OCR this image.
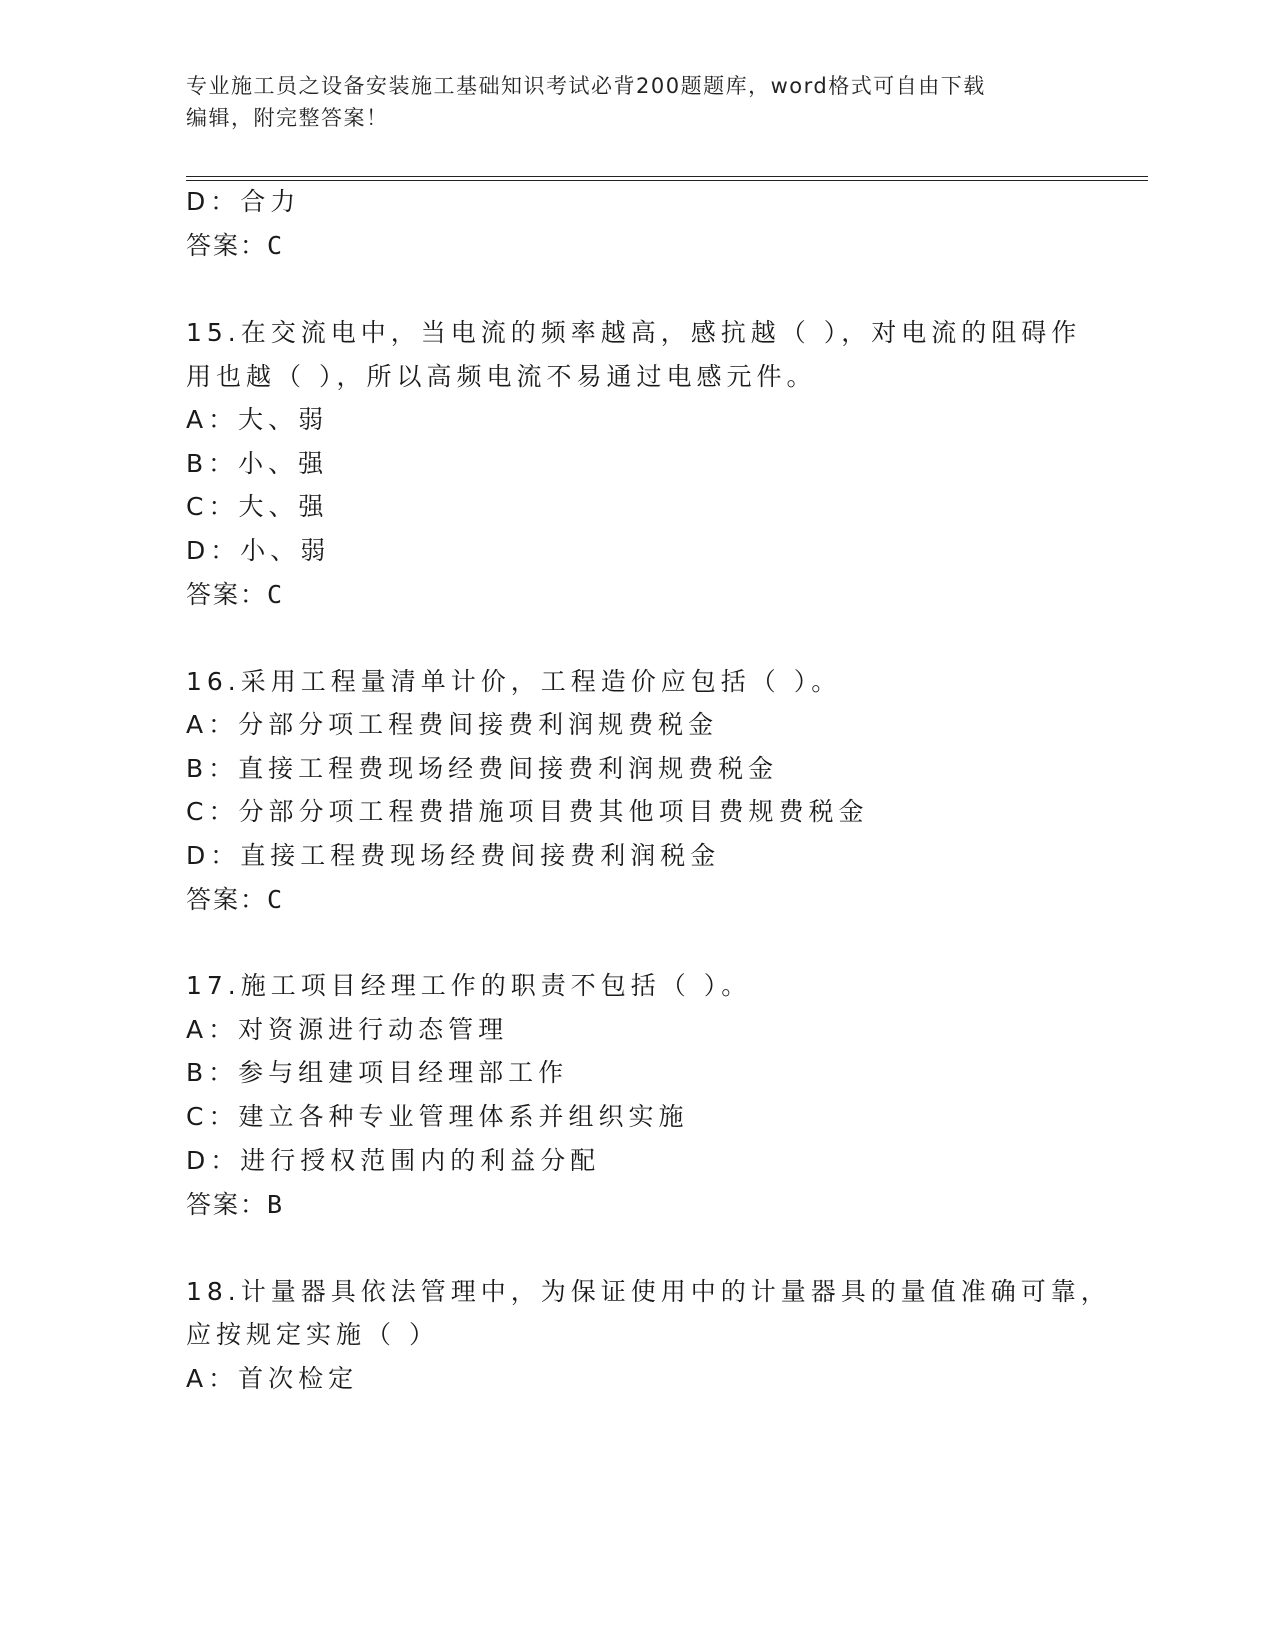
专业施工员之设备安装施工基础知识考试必背200题题库，word格式可自由下载
编辑，附完整答案！
D：合力
答案：C
15.在交流电中，当电流的频率越高，感抗越（ ），对电流的阻碍作
用也越（ ），所以高频电流不易通过电感元件。
A：大、弱
B：小、强
C：大、强
D：小、弱
答案：C
16.采用工程量清单计价，工程造价应包括（ ）。
A：分部分项工程费间接费利润规费税金
B：直接工程费现场经费间接费利润规费税金
C：分部分项工程费措施项目费其他项目费规费税金
D：直接工程费现场经费间接费利润税金
答案：C
17.施工项目经理工作的职责不包括（ ）。
A：对资源进行动态管理
B：参与组建项目经理部工作
C：建立各种专业管理体系并组织实施
D：进行授权范围内的利益分配
答案：B
18.计量器具依法管理中，为保证使用中的计量器具的量值准确可靠，
应按规定实施（ ）
A：首次检定
